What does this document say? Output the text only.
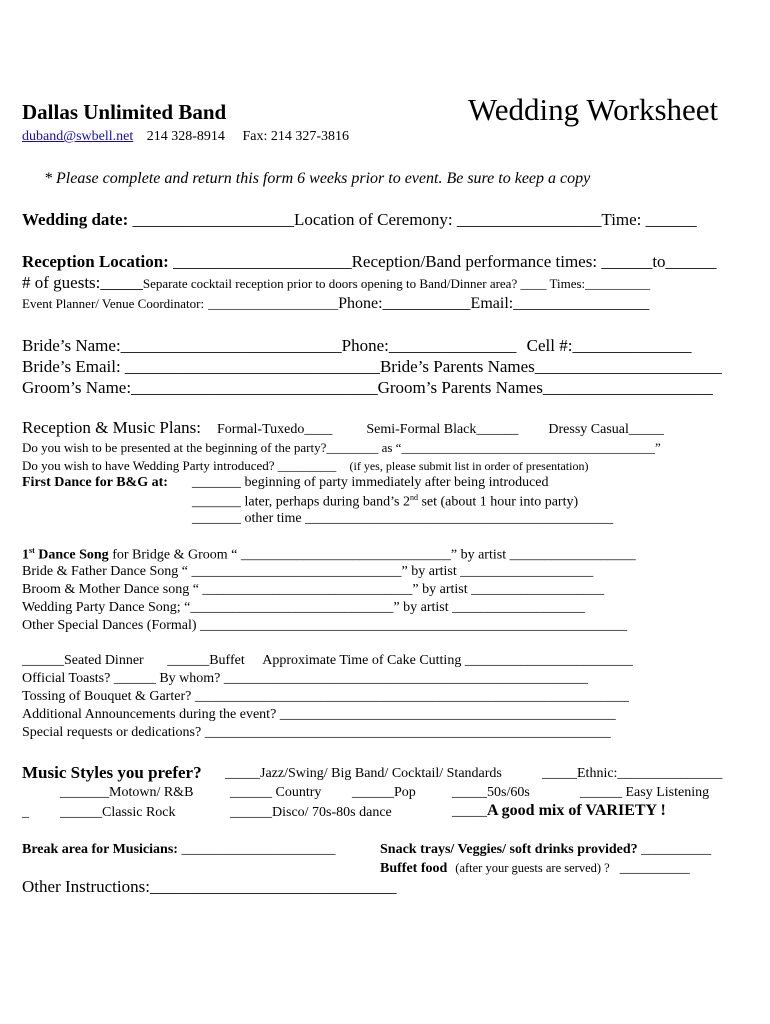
Dallas Unlimited Band	Wedding Worksheet
duband@swbell.net 214 328-8914 Fax: 214 327-3816
* Please complete and return this form 6 weeks prior to event. Be sure to keep a copy
Wedding date: ___________________Location of Ceremony: _________________Time: ______
Reception Location: _____________________Reception/Band performance times: ______to______
# of guests:_____Separate cocktail reception prior to doors opening to Band/Dinner area? ____ Times:__________
Event Planner/ Venue Coordinator: ____________________Phone:___________Email:_________________
Bride’s Name:__________________________Phone:_______________ Cell #:______________
Bride’s Email: ______________________________Bride’s Parents Names______________________
Groom’s Name:_____________________________Groom’s Parents Names____________________
Reception & Music Plans: Formal-Tuxedo____ Semi-Formal Black______ Dressy Casual_____
Do you wish to be presented at the beginning of the party?________ as “_______________________________________”
Do you wish to have Wedding Party introduced? _________ (if yes, please submit list in order of presentation)
First Dance for B&G at: _______ beginning of party immediately after being introduced
_______ later, perhaps during band’s 2nd set (about 1 hour into party)
_______ other time ____________________________________________
1st Dance Song for Bridge & Groom “ ______________________________” by artist __________________
Bride & Father Dance Song “ ______________________________” by artist ___________________
Broom & Mother Dance song “ ______________________________” by artist ___________________
Wedding Party Dance Song; “_____________________________” by artist ___________________
Other Special Dances (Formal) _____________________________________________________________
______Seated Dinner ______Buffet Approximate Time of Cake Cutting ________________________
Official Toasts? ______ By whom? ____________________________________________________
Tossing of Bouquet & Garter? ______________________________________________________________
Additional Announcements during the event? ________________________________________________
Special requests or dedications? __________________________________________________________
Music Styles you prefer? _____Jazz/Swing/ Big Band/ Cocktail/ Standards	_____Ethnic:_______________
_______Motown/ R&B	______ Country ______Pop	_____50s/60s	______ Easy Listening
_ ______Classic Rock	______Disco/ 70s-80s dance	_____A good mix of VARIETY !
Break area for Musicians: ______________________	Snack trays/ Veggies/ soft drinks provided? __________
Buffet food (after your guests are served) ? __________
Other Instructions:_____________________________
